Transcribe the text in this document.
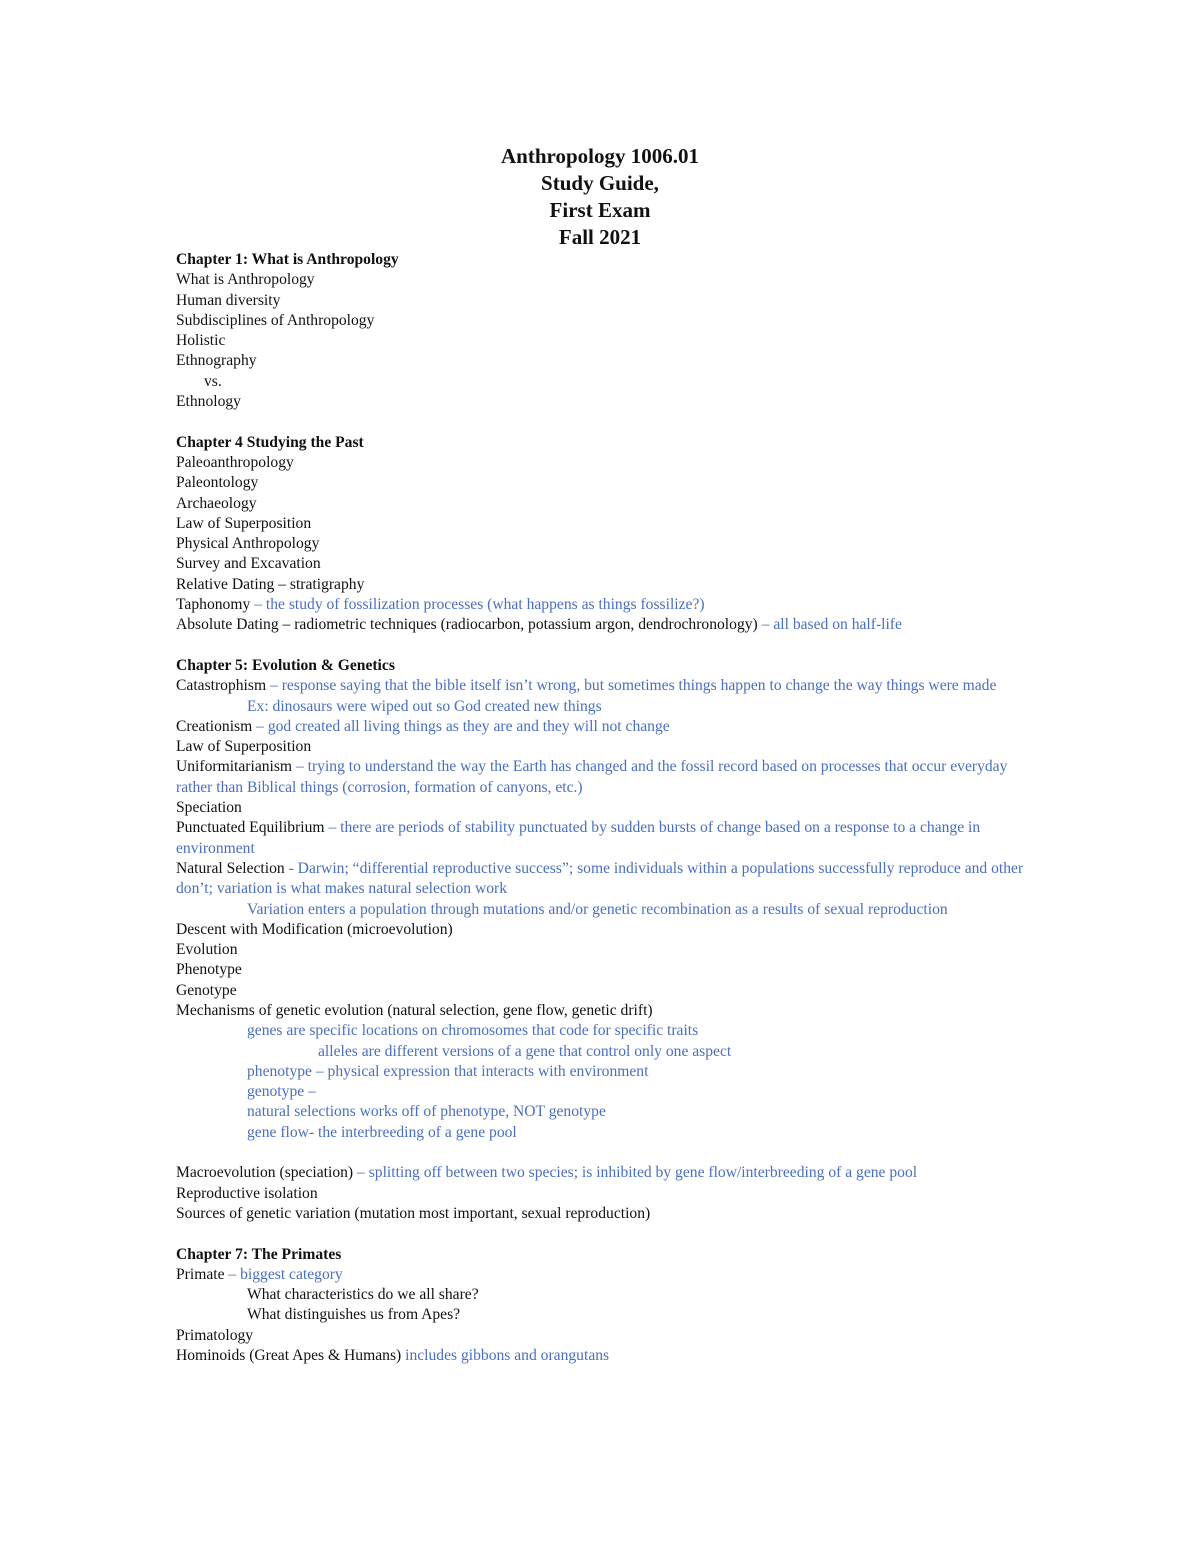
Anthropology 1006.01
Study Guide,
First Exam
Fall 2021
Chapter 1: What is Anthropology
What is Anthropology
Human diversity
Subdisciplines of Anthropology
Holistic
Ethnography
vs.
Ethnology
Chapter 4 Studying the Past
Paleoanthropology
Paleontology
Archaeology
Law of Superposition
Physical Anthropology
Survey and Excavation
Relative Dating – stratigraphy
Taphonomy – the study of fossilization processes (what happens as things fossilize?)
Absolute Dating – radiometric techniques (radiocarbon, potassium argon, dendrochronology) – all based on half-life
Chapter 5: Evolution & Genetics
Catastrophism – response saying that the bible itself isn’t wrong, but sometimes things happen to change the way things were made
Ex: dinosaurs were wiped out so God created new things
Creationism – god created all living things as they are and they will not change
Law of Superposition
Uniformitarianism – trying to understand the way the Earth has changed and the fossil record based on processes that occur everyday rather than Biblical things (corrosion, formation of canyons, etc.)
Speciation
Punctuated Equilibrium – there are periods of stability punctuated by sudden bursts of change based on a response to a change in environment
Natural Selection - Darwin; “differential reproductive success”; some individuals within a populations successfully reproduce and other don’t; variation is what makes natural selection work
Variation enters a population through mutations and/or genetic recombination as a results of sexual reproduction
Descent with Modification (microevolution)
Evolution
Phenotype
Genotype
Mechanisms of genetic evolution (natural selection, gene flow, genetic drift)
genes are specific locations on chromosomes that code for specific traits
alleles are different versions of a gene that control only one aspect
phenotype – physical expression that interacts with environment
genotype –
natural selections works off of phenotype, NOT genotype
gene flow- the interbreeding of a gene pool
Macroevolution (speciation) – splitting off between two species; is inhibited by gene flow/interbreeding of a gene pool
Reproductive isolation
Sources of genetic variation (mutation most important, sexual reproduction)
Chapter 7: The Primates
Primate – biggest category
What characteristics do we all share?
What distinguishes us from Apes?
Primatology
Hominoids (Great Apes & Humans) includes gibbons and orangutans
